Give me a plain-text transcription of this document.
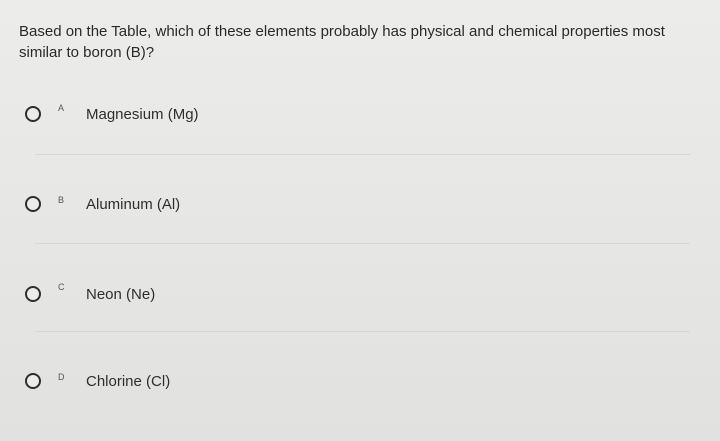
Based on the Table, which of these elements probably has physical and chemical properties most similar to boron (B)?

A Magnesium (Mg)
B Aluminum (Al)
C Neon (Ne)
D Chlorine (Cl)
